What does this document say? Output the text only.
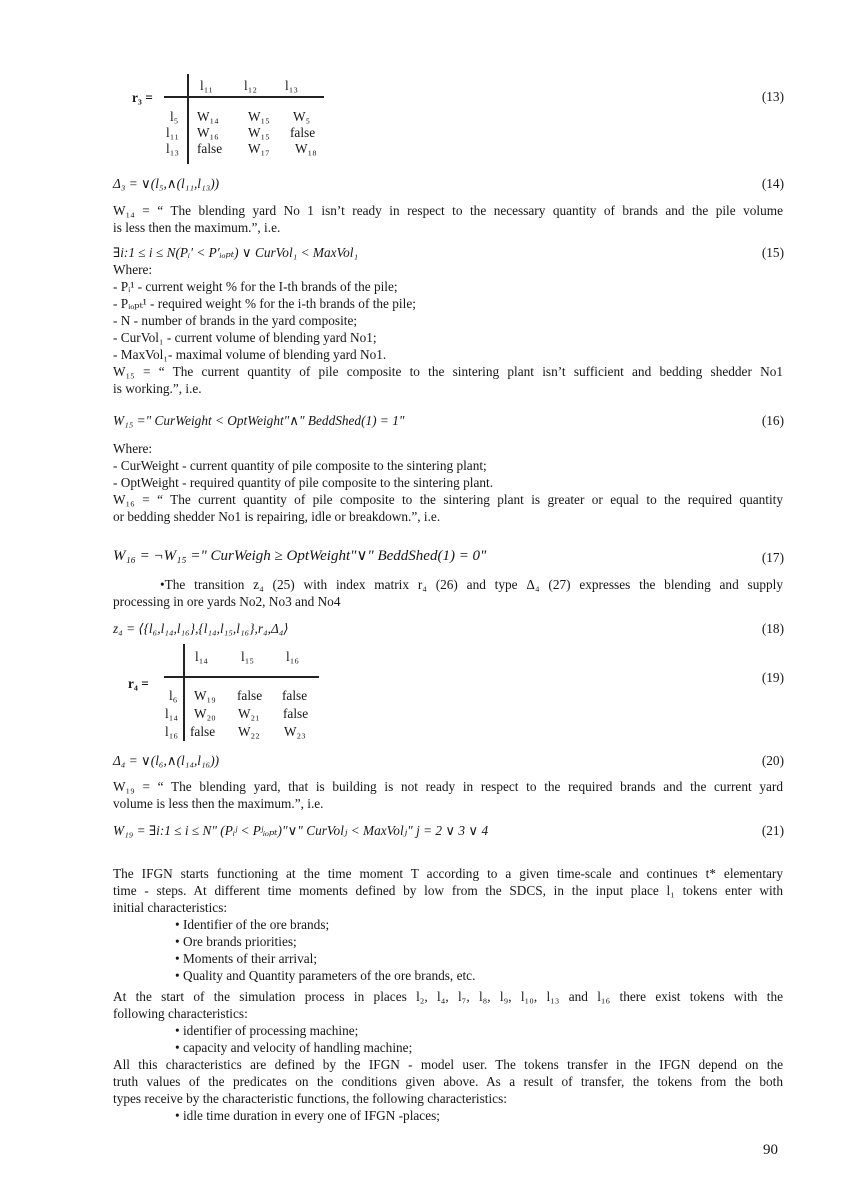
r₃ =
l₁₁ l₁₂ l₁₃
l₅ W₁₄ W₁₅ W₅
l₁₁ W₁₆ W₁₅ false
l₁₃ false W₁₇ W₁₈
(13)
Δ₃ = ∨(l₅,∧(l₁₁,l₁₃))	(14)
W₁₄ = “ The blending yard No 1 isn’t ready in respect to the necessary quantity of brands and the pile volume
is less then the maximum.”, i.e.
∃i:1 ≤ i ≤ N(Pᵢ′ < P′ᵢₒₚₜ) ∨ CurVol₁ < MaxVol₁	(15)
Where:
- Pᵢ¹ - current weight % for the I-th brands of the pile;
- Pᵢₒₚₜ¹ - required weight % for the i-th brands of the pile;
- N - number of brands in the yard composite;
- CurVol₁ - current volume of blending yard No1;
- MaxVol₁- maximal volume of blending yard No1.
W₁₅ = “ The current quantity of pile composite to the sintering plant isn’t sufficient and bedding shedder No1
is working.”, i.e.
W₁₅ =" CurWeight < OptWeight"∧" BeddShed(1) = 1"	(16)
Where:
- CurWeight - current quantity of pile composite to the sintering plant;
- OptWeight - required quantity of pile composite to the sintering plant.
W₁₆ = “ The current quantity of pile composite to the sintering plant is greater or equal to the required quantity
or bedding shedder No1 is repairing, idle or breakdown.”, i.e.
W₁₆ = ¬W₁₅ =" CurWeigh ≥ OptWeight"∨" BeddShed(1) = 0"	(17)
•The transition z₄ (25) with index matrix r₄ (26) and type Δ₄ (27) expresses the blending and supply
processing in ore yards No2, No3 and No4
z₄ = ⟨{l₆,l₁₄,l₁₆},{l₁₄,l₁₅,l₁₆},r₄,Δ₄⟩	(18)
r₄ =
l₁₄ l₁₅ l₁₆
l₆ W₁₉ false false
l₁₄ W₂₀ W₂₁ false
l₁₆ false W₂₂ W₂₃
(19)
Δ₄ = ∨(l₆,∧(l₁₄,l₁₆))	(20)
W₁₉ = “ The blending yard, that is building is not ready in respect to the required brands and the current yard
volume is less then the maximum.”, i.e.
W₁₉ = ∃i:1 ≤ i ≤ N" (Pᵢʲ < Pʲᵢₒₚₜ)"∨" CurVolⱼ < MaxVolⱼ" j = 2 ∨ 3 ∨ 4	(21)
The IFGN starts functioning at the time moment T according to a given time-scale and continues t* elementary
time - steps. At different time moments defined by low from the SDCS, in the input place l₁ tokens enter with
initial characteristics:
• Identifier of the ore brands;
• Ore brands priorities;
• Moments of their arrival;
• Quality and Quantity parameters of the ore brands, etc.
At the start of the simulation process in places l₂, l₄, l₇, l₈, l₉, l₁₀, l₁₃ and l₁₆ there exist tokens with the
following characteristics:
• identifier of processing machine;
• capacity and velocity of handling machine;
All this characteristics are defined by the IFGN - model user. The tokens transfer in the IFGN depend on the
truth values of the predicates on the conditions given above. As a result of transfer, the tokens from the both
types receive by the characteristic functions, the following characteristics:
• idle time duration in every one of IFGN -places;
90
